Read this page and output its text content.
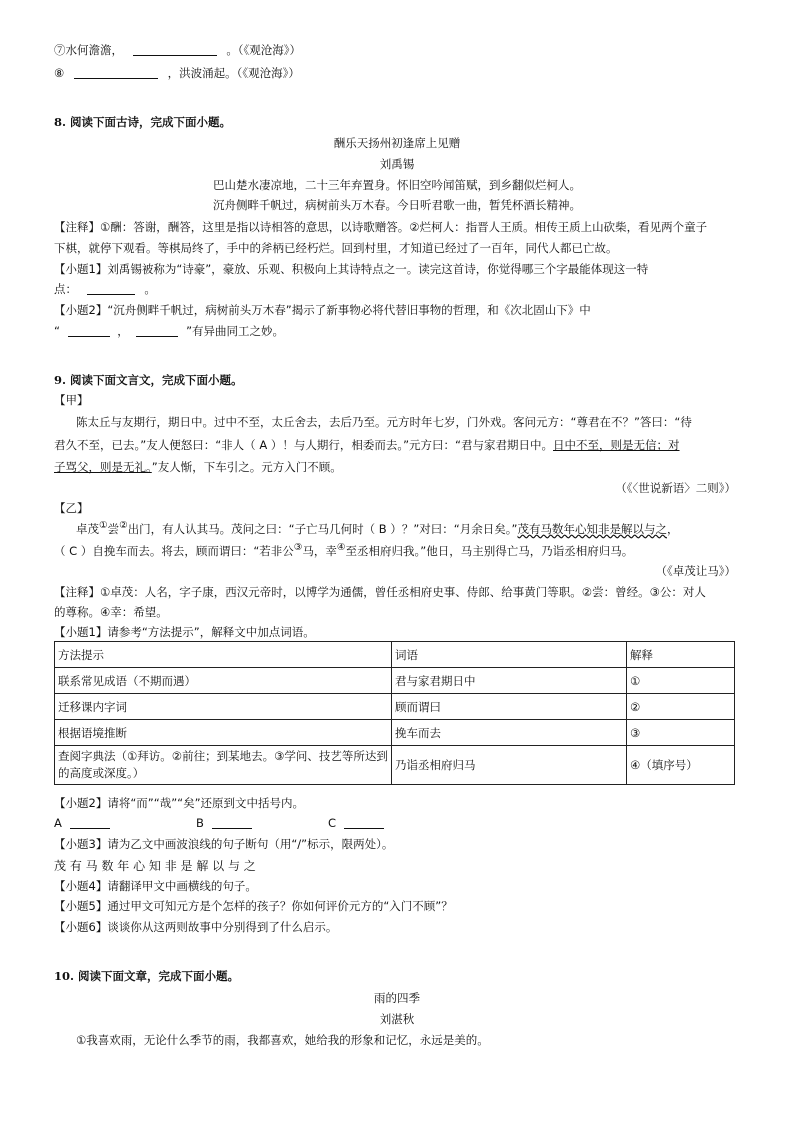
⑦水何澹澹，	。（《观沧海》）
⑧	，洪波涌起。（《观沧海》）
8. 阅读下面古诗，完成下面小题。
酬乐天扬州初逢席上见赠
刘禹锡
巴山楚水凄凉地，二十三年弃置身。怀旧空吟闻笛赋，到乡翻似烂柯人。
沉舟侧畔千帆过，病树前头万木春。今日听君歌一曲，暂凭杯酒长精神。
【注释】①酬：答谢，酬答，这里是指以诗相答的意思，以诗歌赠答。②烂柯人：指晋人王质。相传王质上山砍柴，看见两个童子
下棋，就停下观看。等棋局终了，手中的斧柄已经朽烂。回到村里，才知道已经过了一百年，同代人都已亡故。
【小题1】刘禹锡被称为“诗豪”，豪放、乐观、积极向上其诗特点之一。读完这首诗，你觉得哪三个字最能体现这一特
点：	。
【小题2】“沉舟侧畔千帆过，病树前头万木春”揭示了新事物必将代替旧事物的哲理，和《次北固山下》中
“	，	”有异曲同工之妙。
9. 阅读下面文言文，完成下面小题。
【甲】
陈太丘与友期行，期日中。过中不至，太丘舍去，去后乃至。元方时年七岁，门外戏。客问元方：“尊君在不？”答曰：“待
君久不至，已去。”友人便怒曰：“非人（ A ）！与人期行，相委而去。”元方曰：“君与家君期日中。日中不至，则是无信；对
子骂父，则是无礼。”友人惭，下车引之。元方入门不顾。
（《〈世说新语〉二则》）
【乙】
卓茂①尝②出门，有人认其马。茂问之曰：“子亡马几何时（ B ）？”对曰：“月余日矣。”茂有马数年心知非是解以与之，
（ C ）自挽车而去。将去，顾而谓曰：“若非公③马，幸④至丞相府归我。”他日，马主别得亡马，乃诣丞相府归马。
（《卓茂让马》）
【注释】①卓茂：人名，字子康，西汉元帝时，以博学为通儒，曾任丞相府史事、侍郎、给事黄门等职。②尝：曾经。③公：对人
的尊称。④幸：希望。
【小题1】请参考“方法提示”，解释文中加点词语。
方法提示	词语	解释
联系常见成语（不期而遇）	君与家君期日中	①
迁移课内字词	顾而谓曰	②
根据语境推断	挽车而去	③
查阅字典法（①拜访。②前往；到某地去。③学问、技艺等所达到的高度或深度。）	乃诣丞相府归马	④（填序号）
【小题2】请将“而”“哉”“矣”还原到文中括号内。
A	B	C
【小题3】请为乙文中画波浪线的句子断句（用“/”标示，限两处）。
茂 有 马 数 年 心 知 非 是 解 以 与 之
【小题4】请翻译甲文中画横线的句子。
【小题5】通过甲文可知元方是个怎样的孩子？你如何评价元方的“入门不顾”？
【小题6】谈谈你从这两则故事中分别得到了什么启示。
10. 阅读下面文章，完成下面小题。
雨的四季
刘湛秋
①我喜欢雨，无论什么季节的雨，我都喜欢，她给我的形象和记忆，永远是美的。
